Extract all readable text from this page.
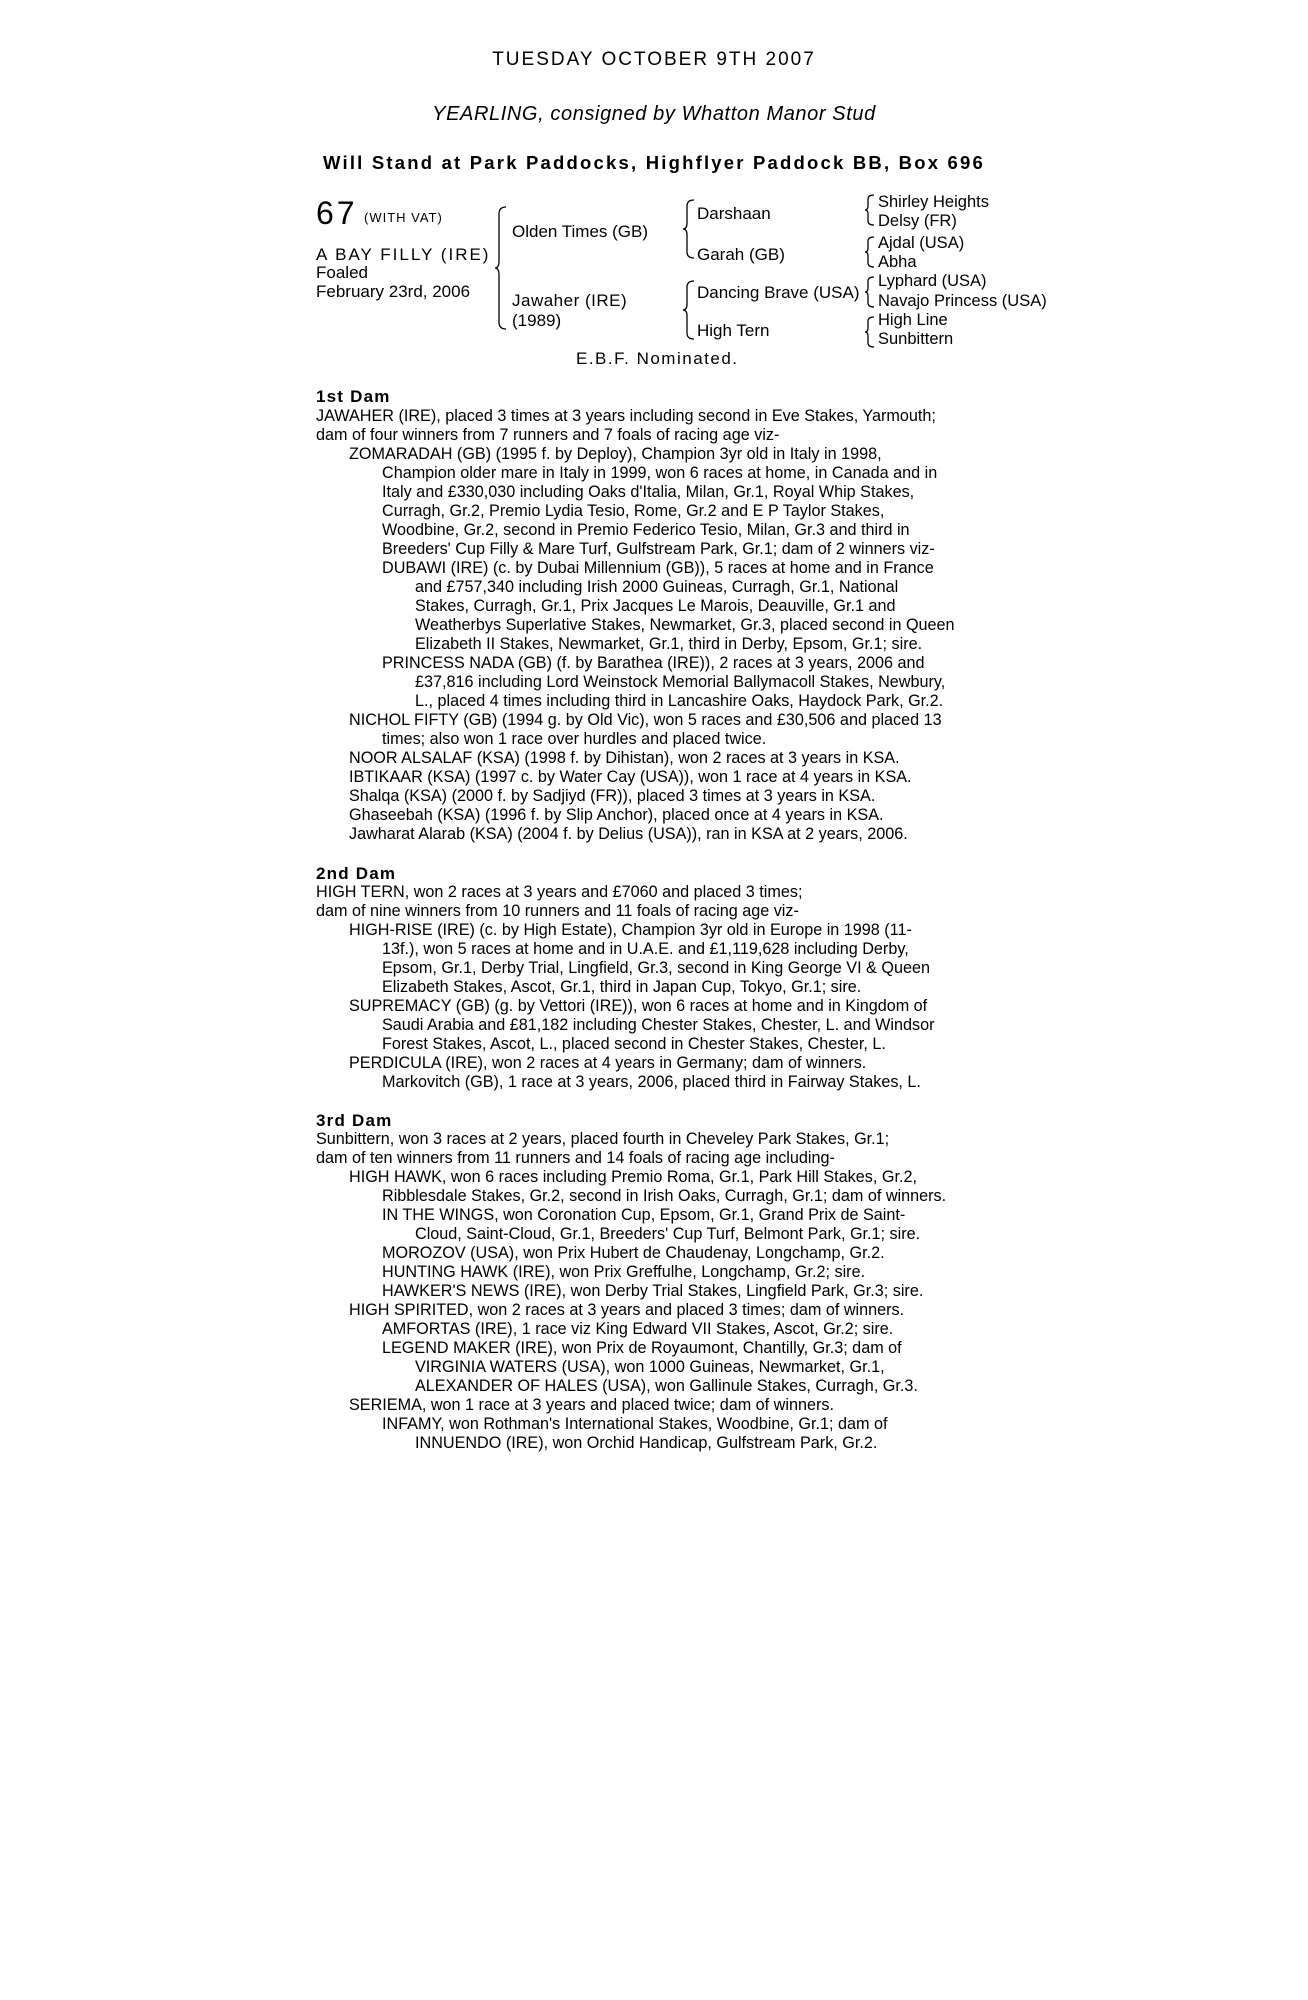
TUESDAY OCTOBER 9TH 2007
YEARLING, consigned by Whatton Manor Stud
Will Stand at Park Paddocks, Highflyer Paddock BB, Box 696
67 (WITH VAT)
A BAY FILLY (IRE)
Foaled
February 23rd, 2006
Olden Times (GB)
Jawaher (IRE)
(1989)
Darshaan
Garah (GB)
Dancing Brave (USA)
High Tern
Shirley Heights
Delsy (FR)
Ajdal (USA)
Abha
Lyphard (USA)
Navajo Princess (USA)
High Line
Sunbittern
E.B.F. Nominated.
1st Dam
JAWAHER (IRE), placed 3 times at 3 years including second in Eve Stakes, Yarmouth;
dam of four winners from 7 runners and 7 foals of racing age viz-
ZOMARADAH (GB) (1995 f. by Deploy), Champion 3yr old in Italy in 1998,
Champion older mare in Italy in 1999, won 6 races at home, in Canada and in
Italy and £330,030 including Oaks d'Italia, Milan, Gr.1, Royal Whip Stakes,
Curragh, Gr.2, Premio Lydia Tesio, Rome, Gr.2 and E P Taylor Stakes,
Woodbine, Gr.2, second in Premio Federico Tesio, Milan, Gr.3 and third in
Breeders' Cup Filly & Mare Turf, Gulfstream Park, Gr.1; dam of 2 winners viz-
DUBAWI (IRE) (c. by Dubai Millennium (GB)), 5 races at home and in France
and £757,340 including Irish 2000 Guineas, Curragh, Gr.1, National
Stakes, Curragh, Gr.1, Prix Jacques Le Marois, Deauville, Gr.1 and
Weatherbys Superlative Stakes, Newmarket, Gr.3, placed second in Queen
Elizabeth II Stakes, Newmarket, Gr.1, third in Derby, Epsom, Gr.1; sire.
PRINCESS NADA (GB) (f. by Barathea (IRE)), 2 races at 3 years, 2006 and
£37,816 including Lord Weinstock Memorial Ballymacoll Stakes, Newbury,
L., placed 4 times including third in Lancashire Oaks, Haydock Park, Gr.2.
NICHOL FIFTY (GB) (1994 g. by Old Vic), won 5 races and £30,506 and placed 13
times; also won 1 race over hurdles and placed twice.
NOOR ALSALAF (KSA) (1998 f. by Dihistan), won 2 races at 3 years in KSA.
IBTIKAAR (KSA) (1997 c. by Water Cay (USA)), won 1 race at 4 years in KSA.
Shalqa (KSA) (2000 f. by Sadjiyd (FR)), placed 3 times at 3 years in KSA.
Ghaseebah (KSA) (1996 f. by Slip Anchor), placed once at 4 years in KSA.
Jawharat Alarab (KSA) (2004 f. by Delius (USA)), ran in KSA at 2 years, 2006.
2nd Dam
HIGH TERN, won 2 races at 3 years and £7060 and placed 3 times;
dam of nine winners from 10 runners and 11 foals of racing age viz-
HIGH-RISE (IRE) (c. by High Estate), Champion 3yr old in Europe in 1998 (11-
13f.), won 5 races at home and in U.A.E. and £1,119,628 including Derby,
Epsom, Gr.1, Derby Trial, Lingfield, Gr.3, second in King George VI & Queen
Elizabeth Stakes, Ascot, Gr.1, third in Japan Cup, Tokyo, Gr.1; sire.
SUPREMACY (GB) (g. by Vettori (IRE)), won 6 races at home and in Kingdom of
Saudi Arabia and £81,182 including Chester Stakes, Chester, L. and Windsor
Forest Stakes, Ascot, L., placed second in Chester Stakes, Chester, L.
PERDICULA (IRE), won 2 races at 4 years in Germany; dam of winners.
Markovitch (GB), 1 race at 3 years, 2006, placed third in Fairway Stakes, L.
3rd Dam
Sunbittern, won 3 races at 2 years, placed fourth in Cheveley Park Stakes, Gr.1;
dam of ten winners from 11 runners and 14 foals of racing age including-
HIGH HAWK, won 6 races including Premio Roma, Gr.1, Park Hill Stakes, Gr.2,
Ribblesdale Stakes, Gr.2, second in Irish Oaks, Curragh, Gr.1; dam of winners.
IN THE WINGS, won Coronation Cup, Epsom, Gr.1, Grand Prix de Saint-
Cloud, Saint-Cloud, Gr.1, Breeders' Cup Turf, Belmont Park, Gr.1; sire.
MOROZOV (USA), won Prix Hubert de Chaudenay, Longchamp, Gr.2.
HUNTING HAWK (IRE), won Prix Greffulhe, Longchamp, Gr.2; sire.
HAWKER'S NEWS (IRE), won Derby Trial Stakes, Lingfield Park, Gr.3; sire.
HIGH SPIRITED, won 2 races at 3 years and placed 3 times; dam of winners.
AMFORTAS (IRE), 1 race viz King Edward VII Stakes, Ascot, Gr.2; sire.
LEGEND MAKER (IRE), won Prix de Royaumont, Chantilly, Gr.3; dam of
VIRGINIA WATERS (USA), won 1000 Guineas, Newmarket, Gr.1,
ALEXANDER OF HALES (USA), won Gallinule Stakes, Curragh, Gr.3.
SERIEMA, won 1 race at 3 years and placed twice; dam of winners.
INFAMY, won Rothman's International Stakes, Woodbine, Gr.1; dam of
INNUENDO (IRE), won Orchid Handicap, Gulfstream Park, Gr.2.
